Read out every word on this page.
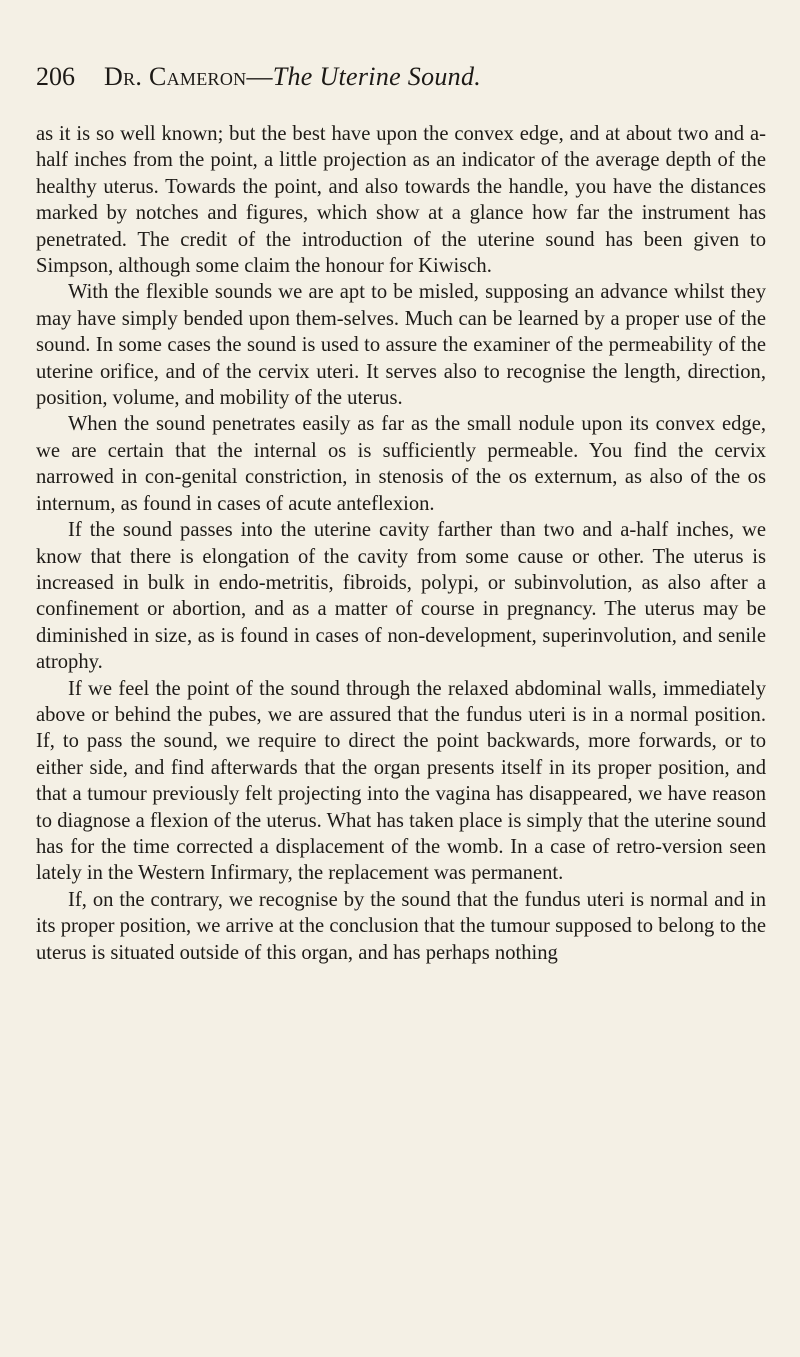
206 Dr. Cameron—The Uterine Sound.

as it is so well known; but the best have upon the convex edge, and at about two and a-half inches from the point, a little projection as an indicator of the average depth of the healthy uterus. Towards the point, and also towards the handle, you have the distances marked by notches and figures, which show at a glance how far the instrument has penetrated. The credit of the introduction of the uterine sound has been given to Simpson, although some claim the honour for Kiwisch.

With the flexible sounds we are apt to be misled, supposing an advance whilst they may have simply bended upon them-selves. Much can be learned by a proper use of the sound. In some cases the sound is used to assure the examiner of the permeability of the uterine orifice, and of the cervix uteri. It serves also to recognise the length, direction, position, volume, and mobility of the uterus.

When the sound penetrates easily as far as the small nodule upon its convex edge, we are certain that the internal os is sufficiently permeable. You find the cervix narrowed in con-genital constriction, in stenosis of the os externum, as also of the os internum, as found in cases of acute anteflexion.

If the sound passes into the uterine cavity farther than two and a-half inches, we know that there is elongation of the cavity from some cause or other. The uterus is increased in bulk in endo-metritis, fibroids, polypi, or subinvolution, as also after a confinement or abortion, and as a matter of course in pregnancy. The uterus may be diminished in size, as is found in cases of non-development, superinvolution, and senile atrophy.

If we feel the point of the sound through the relaxed abdominal walls, immediately above or behind the pubes, we are assured that the fundus uteri is in a normal position. If, to pass the sound, we require to direct the point backwards, more forwards, or to either side, and find afterwards that the organ presents itself in its proper position, and that a tumour previously felt projecting into the vagina has disappeared, we have reason to diagnose a flexion of the uterus. What has taken place is simply that the uterine sound has for the time corrected a displacement of the womb. In a case of retro-version seen lately in the Western Infirmary, the replacement was permanent.

If, on the contrary, we recognise by the sound that the fundus uteri is normal and in its proper position, we arrive at the conclusion that the tumour supposed to belong to the uterus is situated outside of this organ, and has perhaps nothing
